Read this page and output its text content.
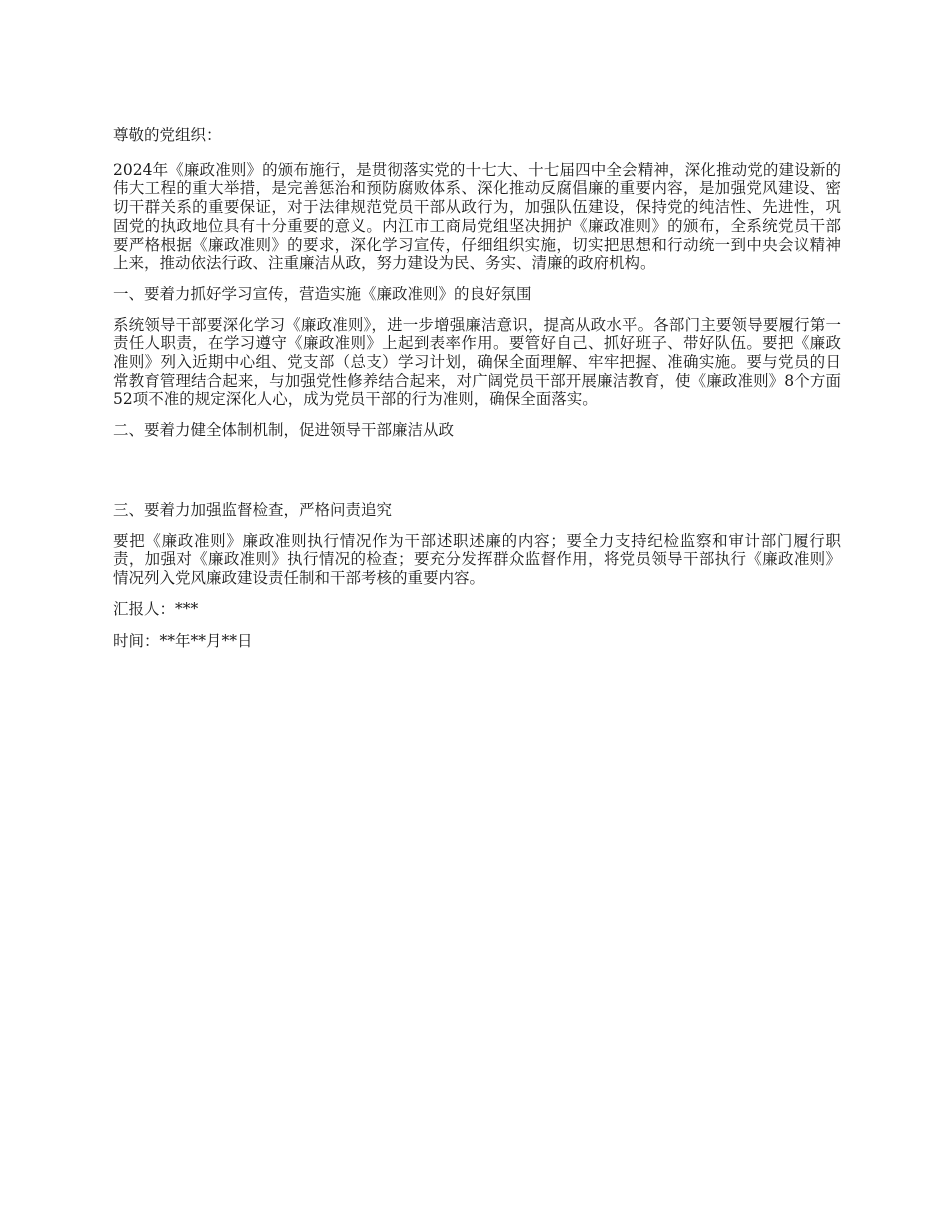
尊敬的党组织：

2024年《廉政准则》的颁布施行，是贯彻落实党的十七大、十七届四中全会精神，深化推动党的建设新的伟大工程的重大举措，是完善惩治和预防腐败体系、深化推动反腐倡廉的重要内容，是加强党风建设、密切干群关系的重要保证，对于法律规范党员干部从政行为，加强队伍建设，保持党的纯洁性、先进性，巩固党的执政地位具有十分重要的意义。内江市工商局党组坚决拥护《廉政准则》的颁布，全系统党员干部要严格根据《廉政准则》的要求，深化学习宣传，仔细组织实施，切实把思想和行动统一到中央会议精神上来，推动依法行政、注重廉洁从政，努力建设为民、务实、清廉的政府机构。

一、要着力抓好学习宣传，营造实施《廉政准则》的良好氛围

系统领导干部要深化学习《廉政准则》，进一步增强廉洁意识，提高从政水平。各部门主要领导要履行第一责任人职责，在学习遵守《廉政准则》上起到表率作用。要管好自己、抓好班子、带好队伍。要把《廉政准则》列入近期中心组、党支部（总支）学习计划，确保全面理解、牢牢把握、准确实施。要与党员的日常教育管理结合起来，与加强党性修养结合起来，对广阔党员干部开展廉洁教育，使《廉政准则》8个方面52项不准的规定深化人心，成为党员干部的行为准则，确保全面落实。

二、要着力健全体制机制，促进领导干部廉洁从政

三、要着力加强监督检查，严格问责追究

要把《廉政准则》廉政准则执行情况作为干部述职述廉的内容；要全力支持纪检监察和审计部门履行职责，加强对《廉政准则》执行情况的检查；要充分发挥群众监督作用，将党员领导干部执行《廉政准则》情况列入党风廉政建设责任制和干部考核的重要内容。

汇报人：***

时间：**年**月**日
